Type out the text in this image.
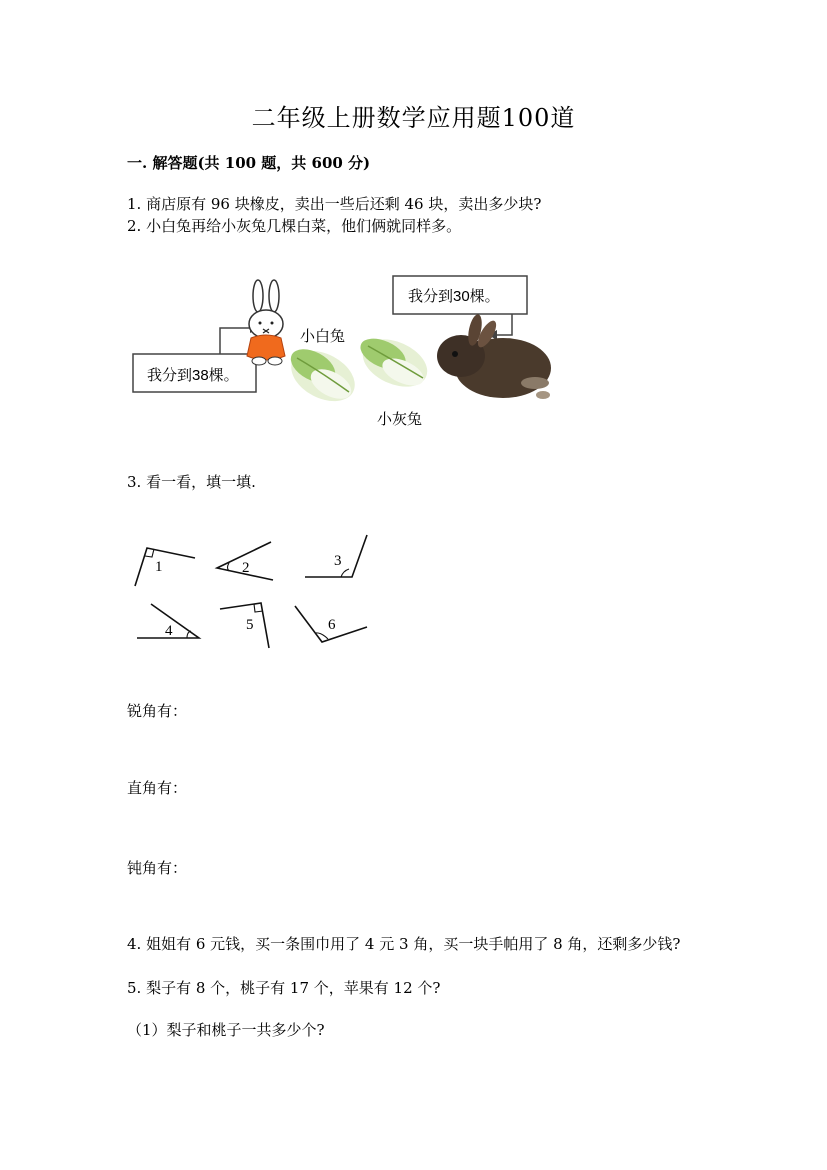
二年级上册数学应用题100道
一. 解答题(共 100 题，共 600 分)
1. 商店原有 96 块橡皮，卖出一些后还剩 46 块，卖出多少块?
2. 小白兔再给小灰兔几棵白菜，他们俩就同样多。
我分到38棵。
小白兔
我分到30棵。
小灰兔
3. 看一看，填一填.
1	2	3
4	5	6
锐角有：
直角有：
钝角有：
4. 姐姐有 6 元钱，买一条围巾用了 4 元 3 角，买一块手帕用了 8 角，还剩多少钱?
5. 梨子有 8 个，桃子有 17 个，苹果有 12 个?
（1）梨子和桃子一共多少个?
